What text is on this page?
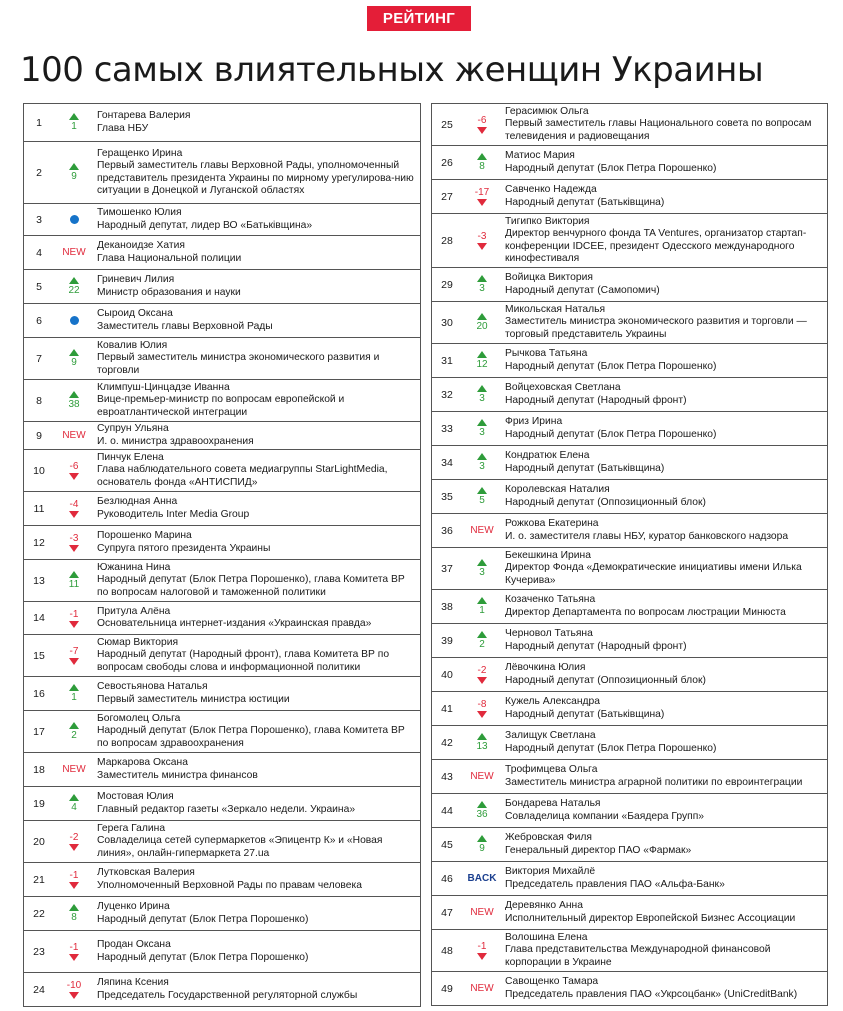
РЕЙТИНГ
100 самых влиятельных женщин Украины
1	1
Гонтарева Валерия
Глава НБУ
2	9
Геращенко Ирина
Первый заместитель главы Верховной Рады, уполномоченный представитель президента Украины по мирному урегулирова-нию ситуации в Донецкой и Луганской областях
3
Тимошенко Юлия
Народный депутат, лидер ВО «Батьківщина»
4	NEW
Деканоидзе Хатия
Глава Национальной полиции
5	22
Гриневич Лилия
Министр образования и науки
6
Сыроид Оксана
Заместитель главы Верховной Рады
7	9
Ковалив Юлия
Первый заместитель министра экономического развития и торговли
8	38
Климпуш-Цинцадзе Иванна
Вице-премьер-министр по вопросам европейской и евроатлантической интеграции
9	NEW
Супрун Ульяна
И. о. министра здравоохранения
10	-6
Пинчук Елена
Глава наблюдательного совета медиагруппы StarLightMedia, основатель фонда «АНТИСПИД»
11	-4 Безлюдная Анна
Руководитель Inter Media Group
12	-3 Порошенко Марина
Супруга пятого президента Украины
13	11
Южанина Нина
Народный депутат (Блок Петра Порошенко), глава Комитета ВР по вопросам налоговой и таможенной политики
14	-1 Притула Алёна
Основательница интернет-издания «Украинская правда»
15	-7
Сюмар Виктория
Народный депутат (Народный фронт), глава Комитета ВР по вопросам свободы слова и информационной политики
16	1
Севостьянова Наталья
Первый заместитель министра юстиции
17	2
Богомолец Ольга
Народный депутат (Блок Петра Порошенко), глава Комитета ВР по вопросам здравоохранения
18	NEW
Маркарова Оксана
Заместитель министра финансов
19	4
Мостовая Юлия
Главный редактор газеты «Зеркало недели. Украина»
20	-2
Герега Галина
Совладелица сетей супермаркетов «Эпицентр К» и «Новая линия», онлайн-гипермаркета 27.ua
21	-1 Лутковская Валерия
Уполномоченный Верховной Рады по правам человека
22	8
Луценко Ирина
Народный депутат (Блок Петра Порошенко)
23	-1 Продан Оксана
Народный депутат (Блок Петра Порошенко)
24	-10 Ляпина Ксения
Председатель Государственной регуляторной службы
25	-6
Герасимюк Ольга
Первый заместитель главы Национального совета по вопросам телевидения и радиовещания
26	8
Матиос Мария
Народный депутат (Блок Петра Порошенко)
27	-17 Савченко Надежда
Народный депутат (Батьківщина)
28	-3
Тигипко Виктория
Директор венчурного фонда TA Ventures, организатор стартап-конференции IDCEE, президент Одесского международного кинофестиваля
29	3
Войицка Виктория
Народный депутат (Самопомич)
30	20
Микольская Наталья
Заместитель министра экономического развития и торговли — торговый представитель Украины
31	12
Рычкова Татьяна
Народный депутат (Блок Петра Порошенко)
32	3
Войцеховская Светлана
Народный депутат (Народный фронт)
33	3
Фриз Ирина
Народный депутат (Блок Петра Порошенко)
34	3
Кондратюк Елена
Народный депутат (Батьківщина)
35	5
Королевская Наталия
Народный депутат (Оппозиционный блок)
36	NEW
Рожкова Екатерина
И. о. заместителя главы НБУ, куратор банковского надзора
37	3
Бекешкина Ирина
Директор Фонда «Демократические инициативы имени Илька Кучерива»
38	1
Козаченко Татьяна
Директор Департамента по вопросам люстрации Минюста
39	2
Черновол Татьяна
Народный депутат (Народный фронт)
40	-2 Лёвочкина Юлия
Народный депутат (Оппозиционный блок)
41	-8 Кужель Александра
Народный депутат (Батьківщина)
42	13
Залищук Светлана
Народный депутат (Блок Петра Порошенко)
43	NEW
Трофимцева Ольга
Заместитель министра аграрной политики по евроинтеграции
44	36
Бондарева Наталья
Совладелица компании «Баядера Групп»
45	9
Жебровская Филя
Генеральный директор ПАО «Фармак»
46	BACK
Виктория Михайлё
Председатель правления ПАО «Альфа-Банк»
47	NEW
Деревянко Анна
Исполнительный директор Европейской Бизнес Ассоциации
48	-1
Волошина Елена
Глава представительства Международной финансовой корпорации в Украине
49	NEW
Савощенко Тамара
Председатель правления ПАО «Укрсоцбанк» (UniCreditBank)
